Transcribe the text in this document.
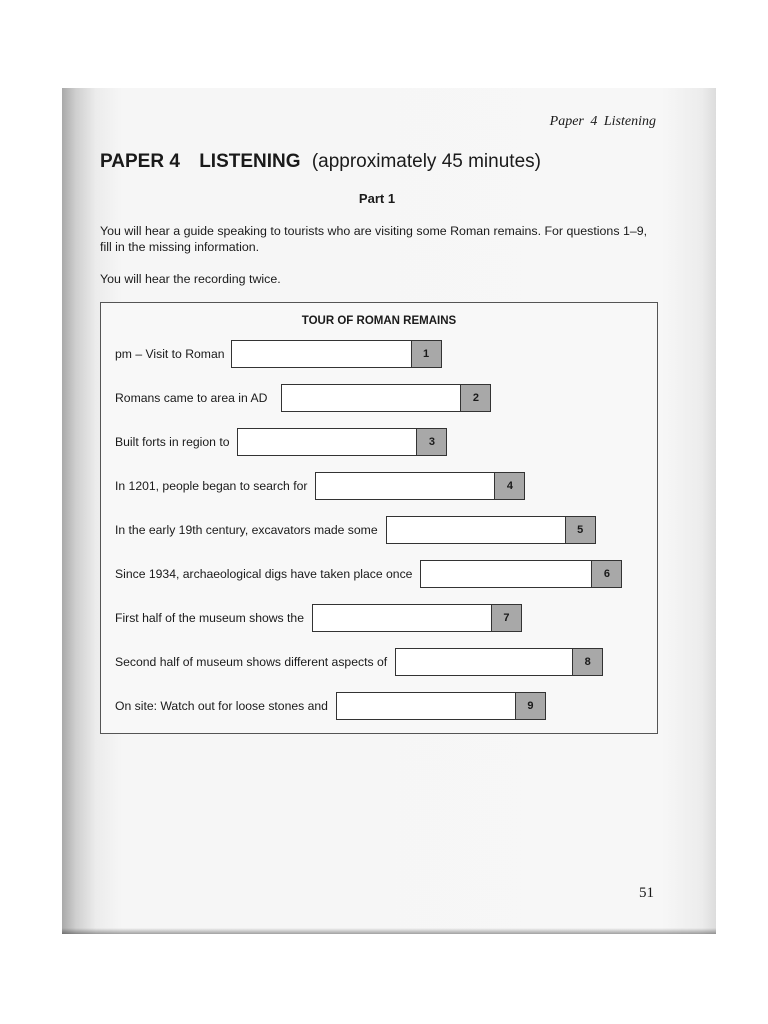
Paper 4 Listening
PAPER 4 LISTENING (approximately 45 minutes)
Part 1
You will hear a guide speaking to tourists who are visiting some Roman remains. For questions 1–9, fill in the missing information.
You will hear the recording twice.
TOUR OF ROMAN REMAINS
pm – Visit to Roman	1
Romans came to area in AD	2
Built forts in region to	3
In 1201, people began to search for	4
In the early 19th century, excavators made some	5
Since 1934, archaeological digs have taken place once	6
First half of the museum shows the	7
Second half of museum shows different aspects of	8
On site: Watch out for loose stones and	9
51
